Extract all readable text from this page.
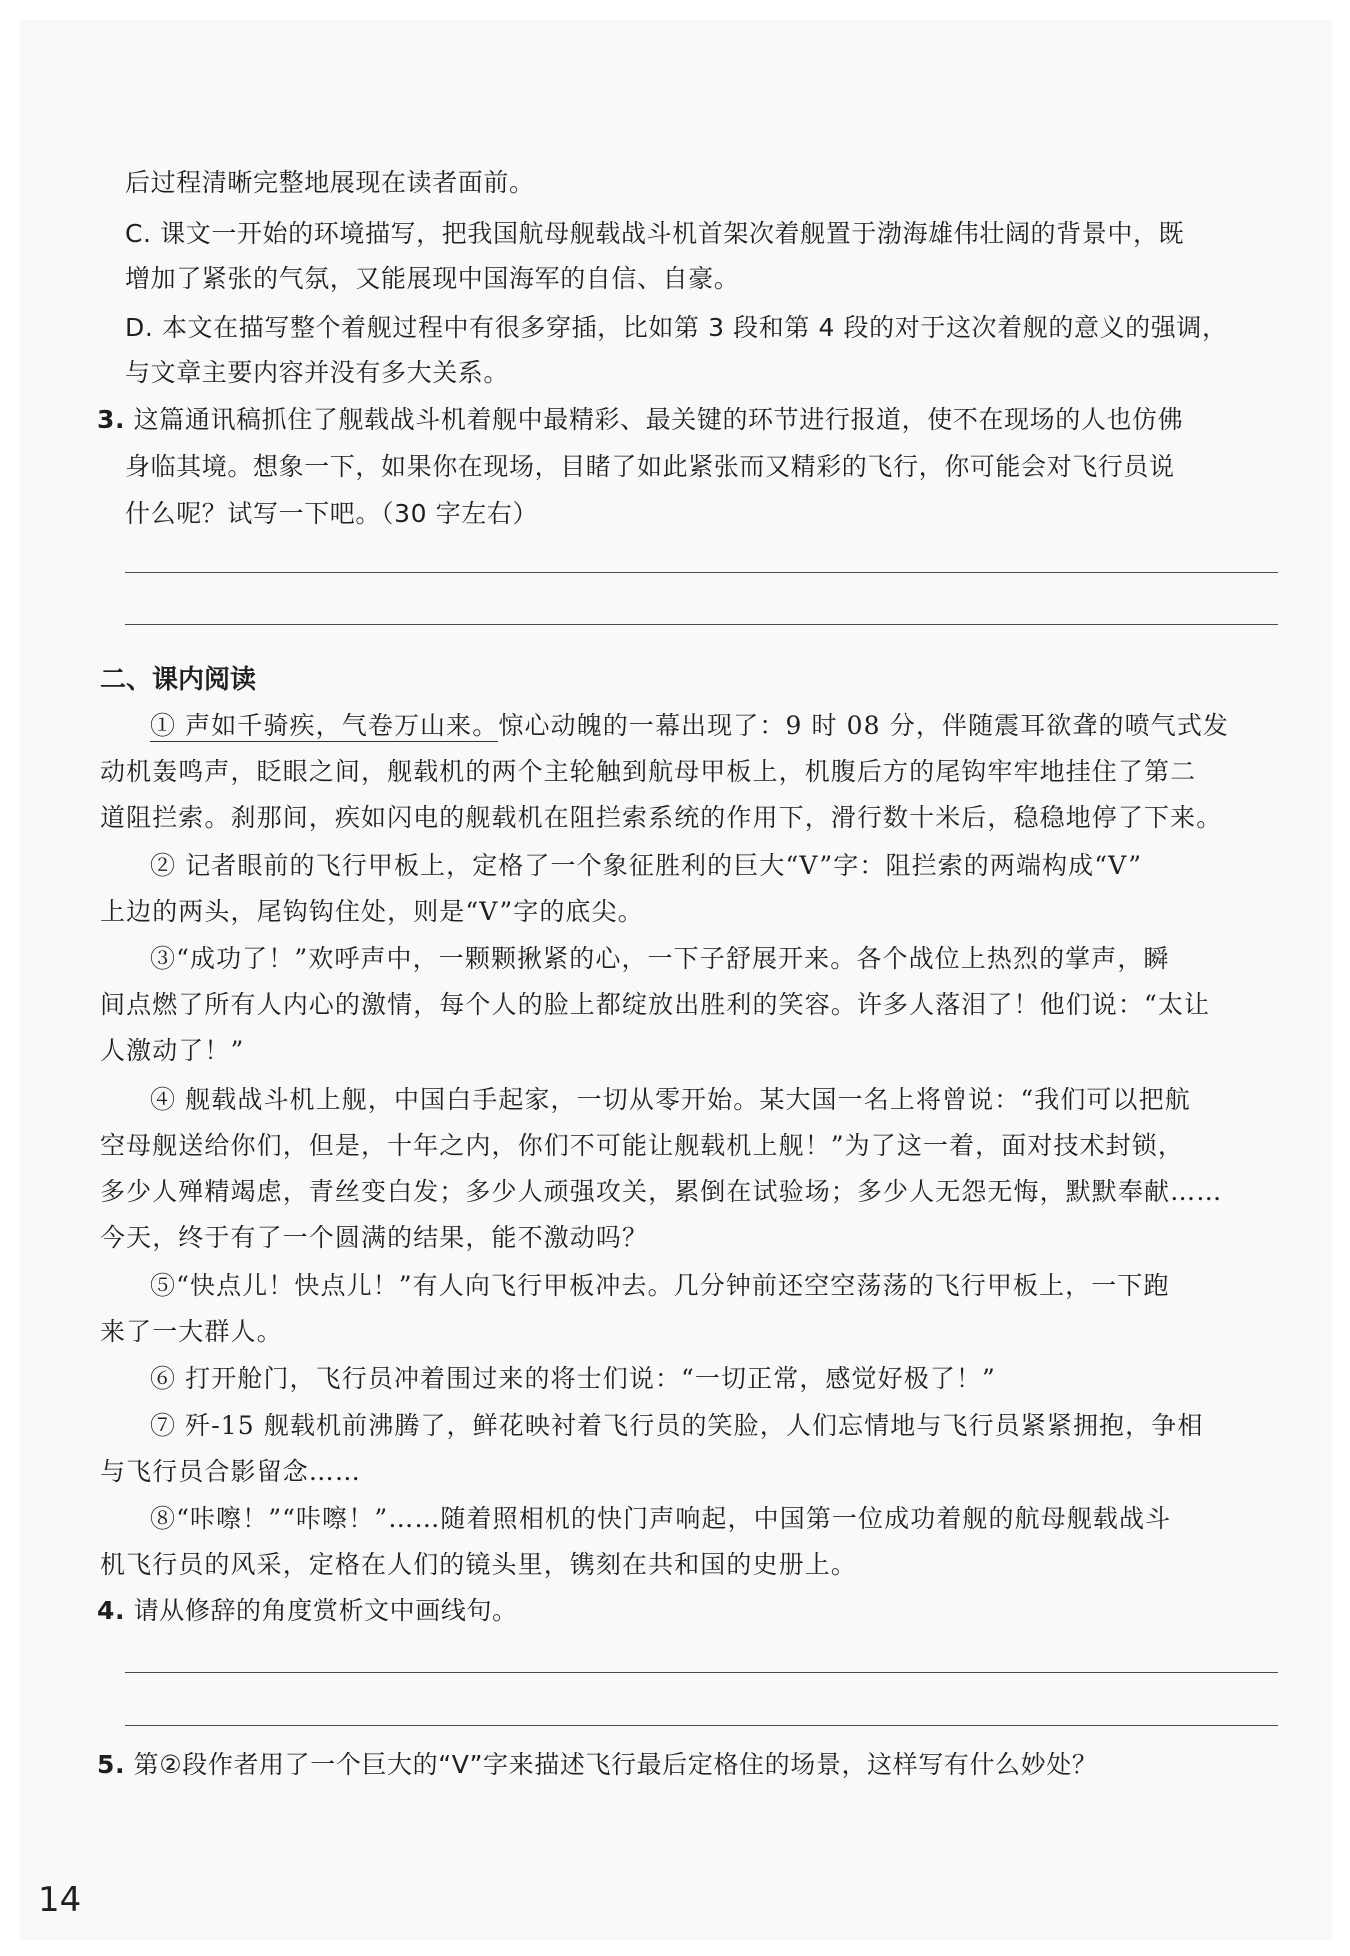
后过程清晰完整地展现在读者面前。
C. 课文一开始的环境描写，把我国航母舰载战斗机首架次着舰置于渤海雄伟壮阔的背景中，既
增加了紧张的气氛，又能展现中国海军的自信、自豪。
D. 本文在描写整个着舰过程中有很多穿插，比如第 3 段和第 4 段的对于这次着舰的意义的强调，
与文章主要内容并没有多大关系。
3. 这篇通讯稿抓住了舰载战斗机着舰中最精彩、最关键的环节进行报道，使不在现场的人也仿佛
身临其境。想象一下，如果你在现场，目睹了如此紧张而又精彩的飞行，你可能会对飞行员说
什么呢？试写一下吧。（30 字左右）
二、课内阅读
① 声如千骑疾，气卷万山来。惊心动魄的一幕出现了：9 时 08 分，伴随震耳欲聋的喷气式发
动机轰鸣声，眨眼之间，舰载机的两个主轮触到航母甲板上，机腹后方的尾钩牢牢地挂住了第二
道阻拦索。刹那间，疾如闪电的舰载机在阻拦索系统的作用下，滑行数十米后，稳稳地停了下来。
② 记者眼前的飞行甲板上，定格了一个象征胜利的巨大“V”字：阻拦索的两端构成“V”
上边的两头，尾钩钩住处，则是“V”字的底尖。
③“成功了！”欢呼声中，一颗颗揪紧的心，一下子舒展开来。各个战位上热烈的掌声，瞬
间点燃了所有人内心的激情，每个人的脸上都绽放出胜利的笑容。许多人落泪了！他们说：“太让
人激动了！”
④ 舰载战斗机上舰，中国白手起家，一切从零开始。某大国一名上将曾说：“我们可以把航
空母舰送给你们，但是，十年之内，你们不可能让舰载机上舰！”为了这一着，面对技术封锁，
多少人殚精竭虑，青丝变白发；多少人顽强攻关，累倒在试验场；多少人无怨无悔，默默奉献……
今天，终于有了一个圆满的结果，能不激动吗？
⑤“快点儿！快点儿！”有人向飞行甲板冲去。几分钟前还空空荡荡的飞行甲板上，一下跑
来了一大群人。
⑥ 打开舱门，飞行员冲着围过来的将士们说：“一切正常，感觉好极了！”
⑦ 歼-15 舰载机前沸腾了，鲜花映衬着飞行员的笑脸，人们忘情地与飞行员紧紧拥抱，争相
与飞行员合影留念……
⑧“咔嚓！”“咔嚓！”……随着照相机的快门声响起，中国第一位成功着舰的航母舰载战斗
机飞行员的风采，定格在人们的镜头里，镌刻在共和国的史册上。
4. 请从修辞的角度赏析文中画线句。
5. 第②段作者用了一个巨大的“V”字来描述飞行最后定格住的场景，这样写有什么妙处？
14
